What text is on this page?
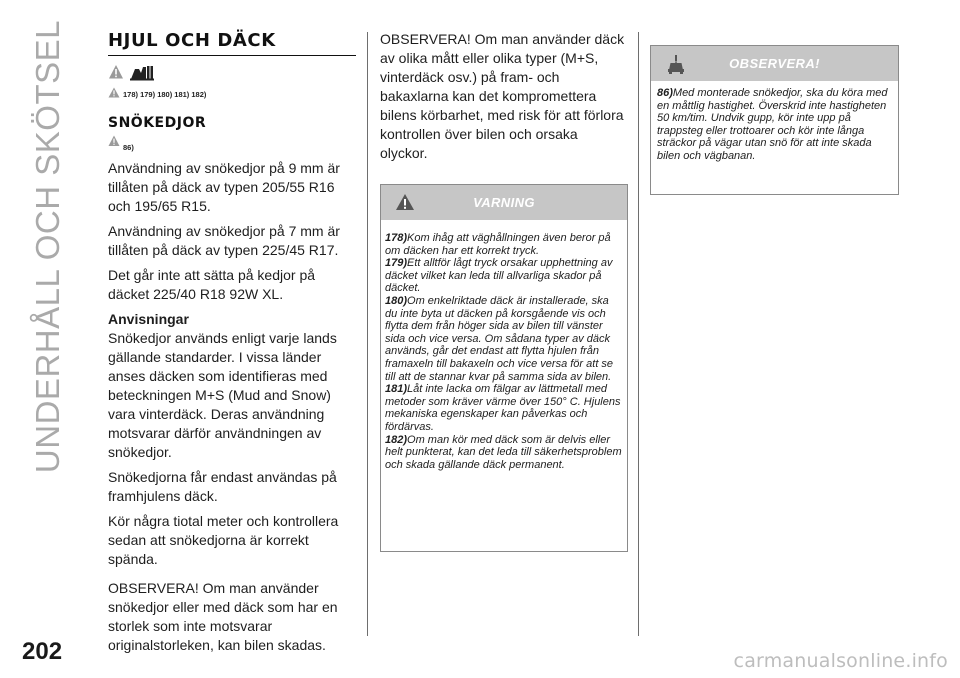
UNDERHÅLL OCH SKÖTSEL
202	carmanualsonline.info
HJUL OCH DÄCK
178) 179) 180) 181) 182)
SNÖKEDJOR
86)

Användning av snökedjor på 9 mm är tillåten på däck av typen 205/55 R16 och 195/65 R15.

Användning av snökedjor på 7 mm är tillåten på däck av typen 225/45 R17.

Det går inte att sätta på kedjor på däcket 225/40 R18 92W XL.

Anvisningar

Snökedjor används enligt varje lands gällande standarder. I vissa länder anses däcken som identifieras med beteckningen M+S (Mud and Snow) vara vinterdäck. Deras användning motsvarar därför användningen av snökedjor.

Snökedjorna får endast användas på framhjulens däck.

Kör några tiotal meter och kontrollera sedan att snökedjorna är korrekt spända.

OBSERVERA! Om man använder snökedjor eller med däck som har en storlek som inte motsvarar originalstorleken, kan bilen skadas.

OBSERVERA! Om man använder däck av olika mått eller olika typer (M+S, vinterdäck osv.) på fram- och bakaxlarna kan det kompromettera bilens körbarhet, med risk för att förlora kontrollen över bilen och orsaka olyckor.

VARNING
178)Kom ihåg att väghållningen även beror på om däcken har ett korrekt tryck.
179)Ett alltför lågt tryck orsakar upphettning av däcket vilket kan leda till allvarliga skador på däcket.
180)Om enkelriktade däck är installerade, ska du inte byta ut däcken på korsgående vis och flytta dem från höger sida av bilen till vänster sida och vice versa. Om sådana typer av däck används, går det endast att flytta hjulen från framaxeln till bakaxeln och vice versa för att se till att de stannar kvar på samma sida av bilen.
181)Låt inte lacka om fälgar av lättmetall med metoder som kräver värme över 150° C. Hjulens mekaniska egenskaper kan påverkas och fördärvas.
182)Om man kör med däck som är delvis eller helt punkterat, kan det leda till säkerhetsproblem och skada gällande däck permanent.
OBSERVERA!
86)Med monterade snökedjor, ska du köra med en måttlig hastighet. Överskrid inte hastigheten 50 km/tim. Undvik gupp, kör inte upp på trappsteg eller trottoarer och kör inte långa sträckor på vägar utan snö för att inte skada bilen och vägbanan.
